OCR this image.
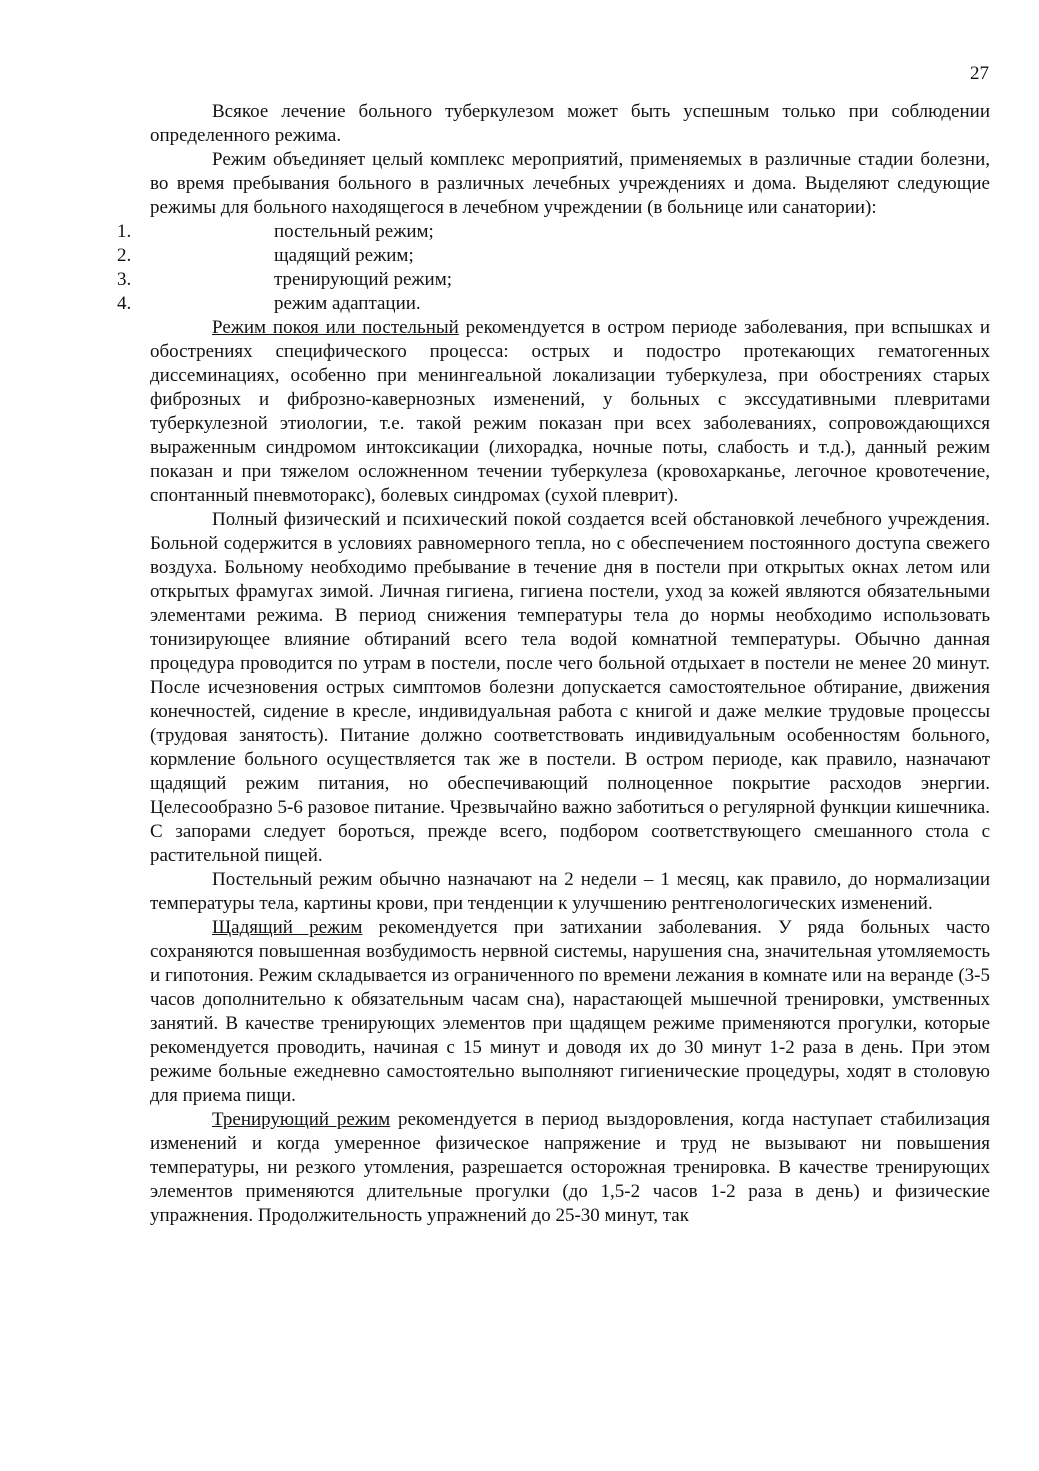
27

Всякое лечение больного туберкулезом может быть успешным только при соблюдении определенного режима.

Режим объединяет целый комплекс мероприятий, применяемых в различные стадии болезни, во время пребывания больного в различных лечебных учреждениях и дома. Выделяют следующие режимы для больного находящегося в лечебном учреждении (в больнице или санатории):

1.	постельный режим;
2.	щадящий режим;
3.	тренирующий режим;
4.	режим адаптации.

Режим покоя или постельный рекомендуется в остром периоде заболевания, при вспышках и обострениях специфического процесса: острых и подостро протекающих гематогенных диссеминациях, особенно при менингеальной локализации туберкулеза, при обострениях старых фиброзных и фиброзно-кавернозных изменений, у больных с экссудативными плевритами туберкулезной этиологии, т.е. такой режим показан при всех заболеваниях, сопровождающихся выраженным синдромом интоксикации (лихорадка, ночные поты, слабость и т.д.), данный режим показан и при тяжелом осложненном течении туберкулеза (кровохарканье, легочное кровотечение, спонтанный пневмоторакс), болевых синдромах (сухой плеврит).

Полный физический и психический покой создается всей обстановкой лечебного учреждения. Больной содержится в условиях равномерного тепла, но с обеспечением постоянного доступа свежего воздуха. Больному необходимо пребывание в течение дня в постели при открытых окнах летом или открытых фрамугах зимой. Личная гигиена, гигиена постели, уход за кожей являются обязательными элементами режима. В период снижения температуры тела до нормы необходимо использовать тонизирующее влияние обтираний всего тела водой комнатной температуры. Обычно данная процедура проводится по утрам в постели, после чего больной отдыхает в постели не менее 20 минут. После исчезновения острых симптомов болезни допускается самостоятельное обтирание, движения конечностей, сидение в кресле, индивидуальная работа с книгой и даже мелкие трудовые процессы (трудовая занятость). Питание должно соответствовать индивидуальным особенностям больного, кормление больного осуществляется так же в постели. В остром периоде, как правило, назначают щадящий режим питания, но обеспечивающий полноценное покрытие расходов энергии. Целесообразно 5-6 разовое питание. Чрезвычайно важно заботиться о регулярной функции кишечника. С запорами следует бороться, прежде всего, подбором соответствующего смешанного стола с растительной пищей.

Постельный режим обычно назначают на 2 недели – 1 месяц, как правило, до нормализации температуры тела, картины крови, при тенденции к улучшению рентгенологических изменений.

Щадящий режим рекомендуется при затихании заболевания. У ряда больных часто сохраняются повышенная возбудимость нервной системы, нарушения сна, значительная утомляемость и гипотония. Режим складывается из ограниченного по времени лежания в комнате или на веранде (3-5 часов дополнительно к обязательным часам сна), нарастающей мышечной тренировки, умственных занятий. В качестве тренирующих элементов при щадящем режиме применяются прогулки, которые рекомендуется проводить, начиная с 15 минут и доводя их до 30 минут 1-2 раза в день. При этом режиме больные ежедневно самостоятельно выполняют гигиенические процедуры, ходят в столовую для приема пищи.

Тренирующий режим рекомендуется в период выздоровления, когда наступает стабилизация изменений и когда умеренное физическое напряжение и труд не вызывают ни повышения температуры, ни резкого утомления, разрешается осторожная тренировка. В качестве тренирующих элементов применяются длительные прогулки (до 1,5-2 часов 1-2 раза в день) и физические упражнения. Продолжительность упражнений до 25-30 минут, так
